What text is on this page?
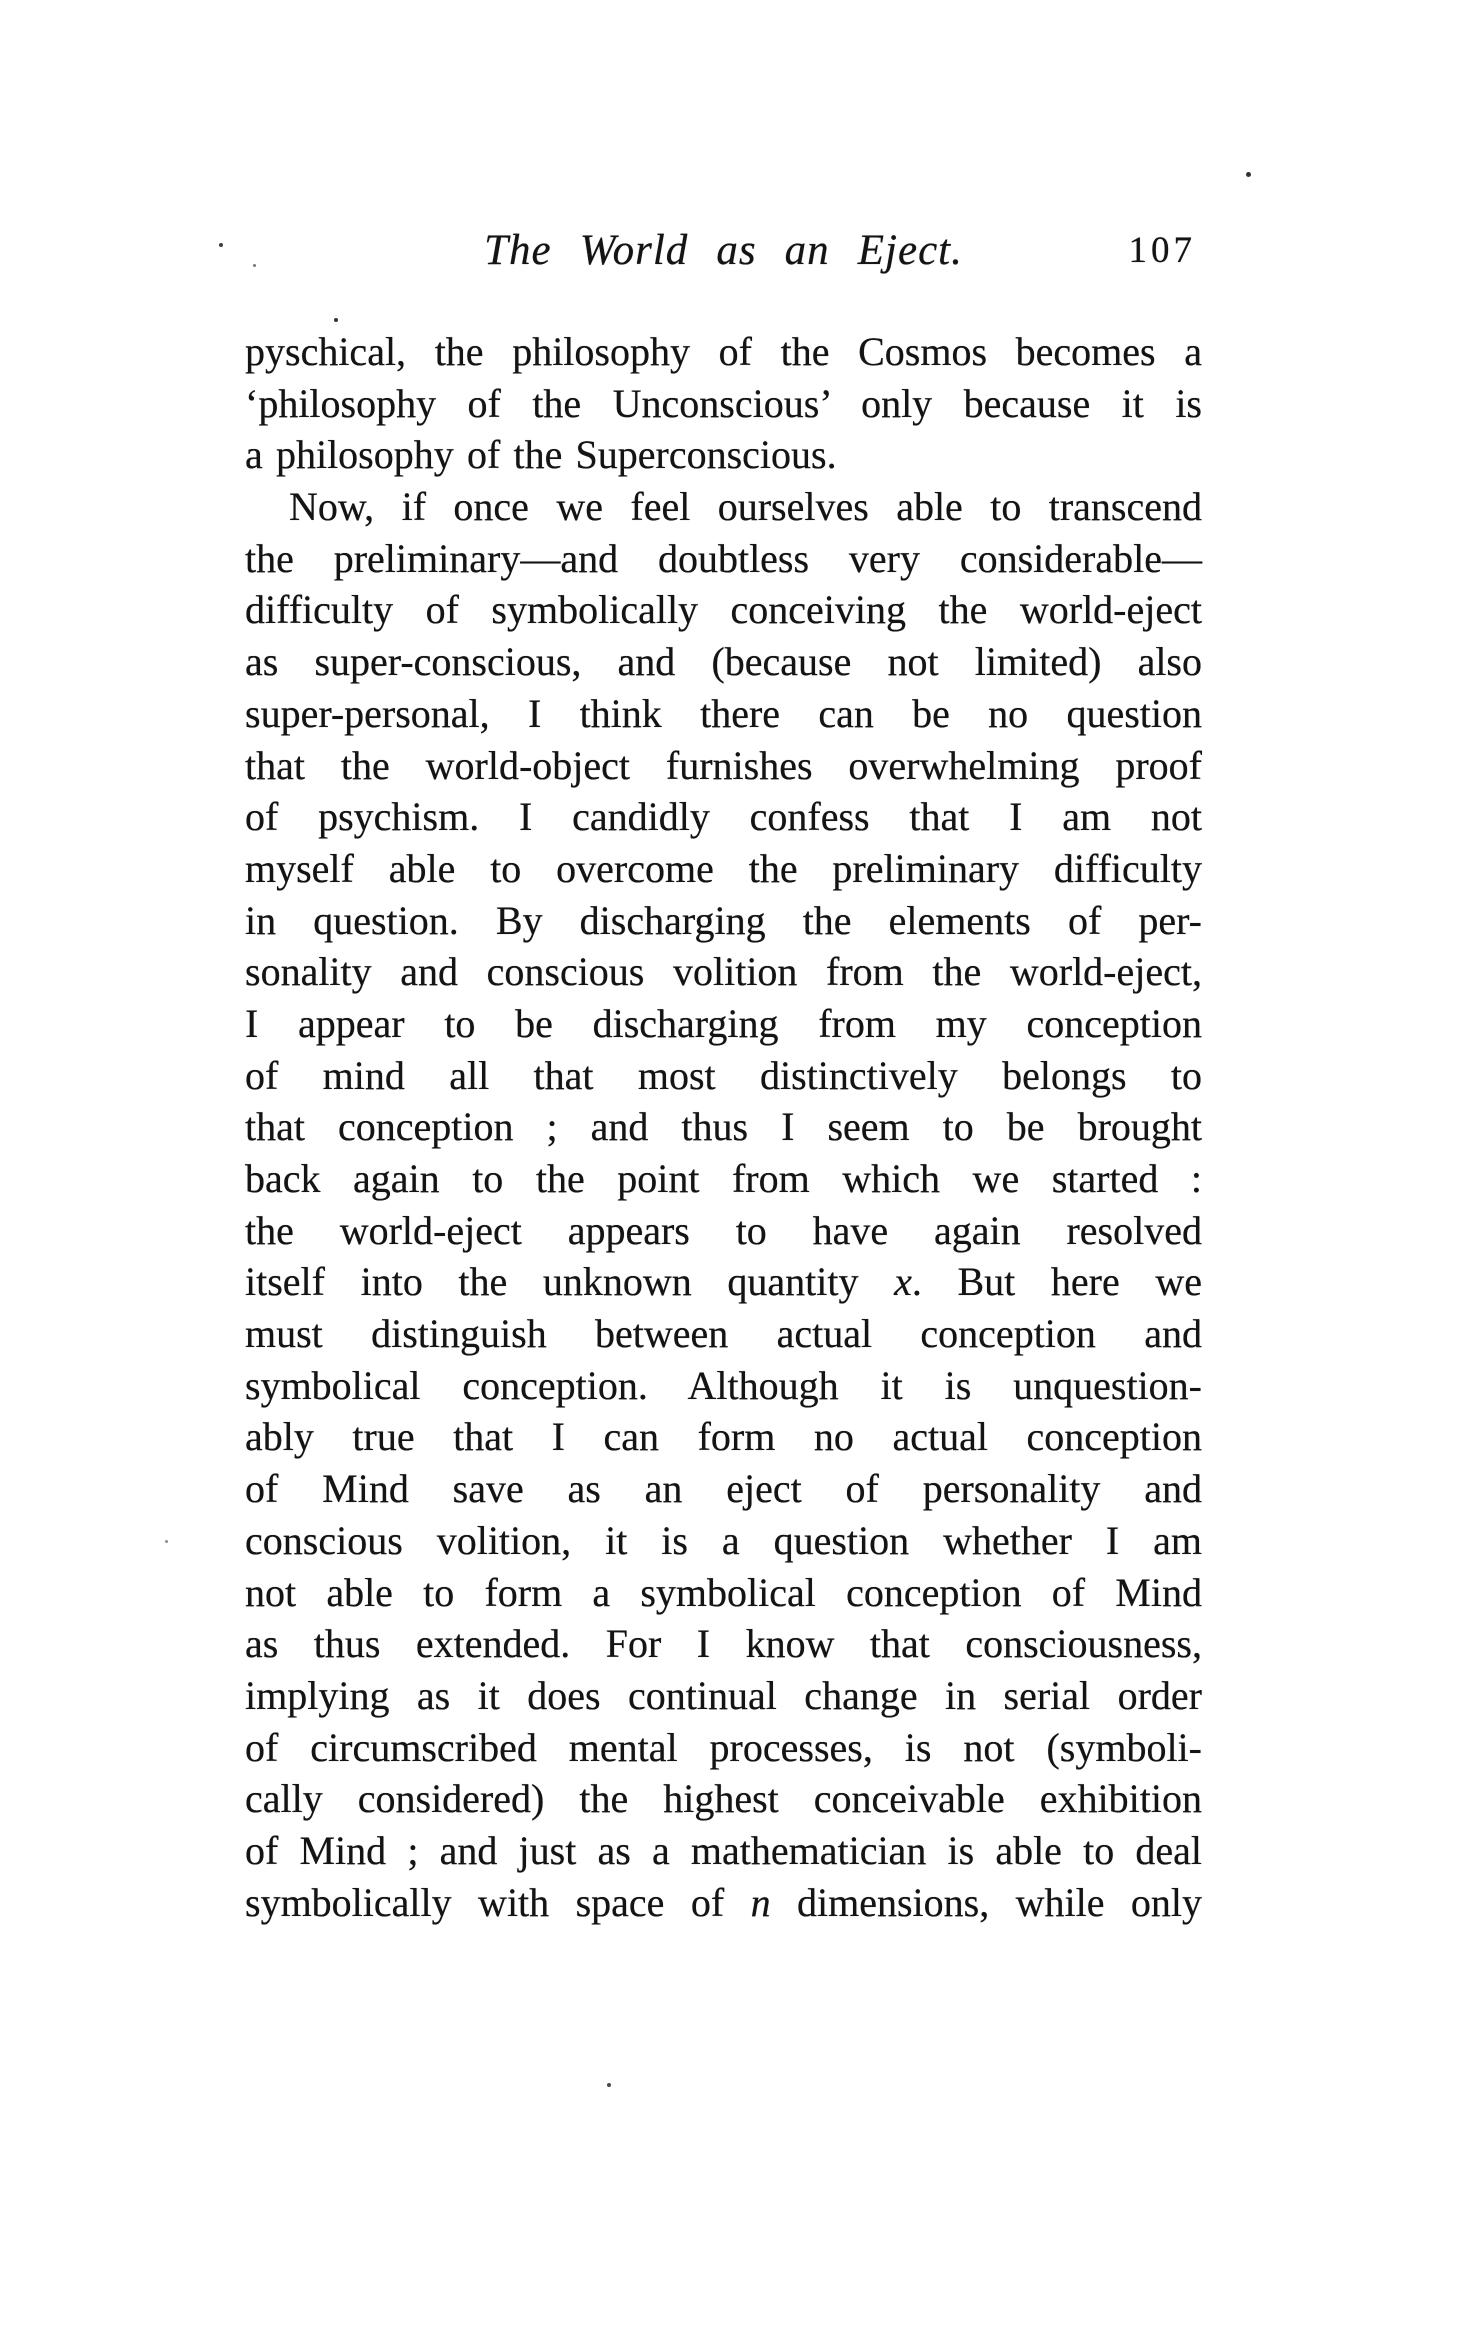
The World as an Eject.	107
pyschical, the philosophy of the Cosmos becomes a
‘philosophy of the Unconscious’ only because it is
a philosophy of the Superconscious.
Now, if once we feel ourselves able to transcend
the preliminary—and doubtless very considerable—
difficulty of symbolically conceiving the world-eject
as super-conscious, and (because not limited) also
super-personal, I think there can be no question
that the world-object furnishes overwhelming proof
of psychism. I candidly confess that I am not
myself able to overcome the preliminary difficulty
in question. By discharging the elements of per-
sonality and conscious volition from the world-eject,
I appear to be discharging from my conception
of mind all that most distinctively belongs to
that conception ; and thus I seem to be brought
back again to the point from which we started :
the world-eject appears to have again resolved
itself into the unknown quantity x. But here we
must distinguish between actual conception and
symbolical conception. Although it is unquestion-
ably true that I can form no actual conception
of Mind save as an eject of personality and
conscious volition, it is a question whether I am
not able to form a symbolical conception of Mind
as thus extended. For I know that consciousness,
implying as it does continual change in serial order
of circumscribed mental processes, is not (symboli-
cally considered) the highest conceivable exhibition
of Mind ; and just as a mathematician is able to deal
symbolically with space of n dimensions, while only
